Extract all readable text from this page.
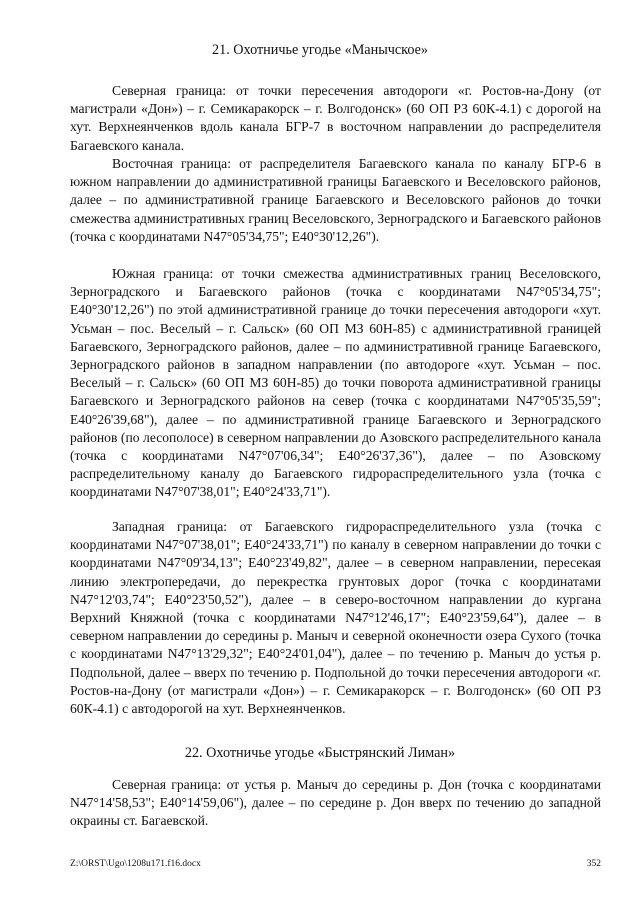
21. Охотничье угодье «Манычское»

Северная граница: от точки пересечения автодороги «г. Ростов-на-Дону (от магистрали «Дон») – г. Семикаракорск – г. Волгодонск» (60 ОП РЗ 60К-4.1) с дорогой на хут. Верхнеянченков вдоль канала БГР-7 в восточном направлении до распределителя Багаевского канала.

Восточная граница: от распределителя Багаевского канала по каналу БГР-6 в южном направлении до административной границы Багаевского и Веселовского районов, далее – по административной границе Багаевского и Веселовского районов до точки смежества административных границ Веселовского, Зерноградского и Багаевского районов (точка с координатами N47°05'34,75"; E40°30'12,26").

Южная граница: от точки смежества административных границ Веселовского, Зерноградского и Багаевского районов (точка с координатами N47°05'34,75"; E40°30'12,26") по этой административной границе до точки пересечения автодороги «хут. Усьман – пос. Веселый – г. Сальск» (60 ОП МЗ 60Н-85) с административной границей Багаевского, Зерноградского районов, далее – по административной границе Багаевского, Зерноградского районов в западном направлении (по автодороге «хут. Усьман – пос. Веселый – г. Сальск» (60 ОП МЗ 60Н-85) до точки поворота административной границы Багаевского и Зерноградского районов на север (точка с координатами N47°05'35,59"; E40°26'39,68"), далее – по административной границе Багаевского и Зерноградского районов (по лесополосе) в северном направлении до Азовского распределительного канала (точка с координатами N47°07'06,34"; E40°26'37,36"), далее – по Азовскому распределительному каналу до Багаевского гидрораспределительного узла (точка с координатами N47°07'38,01"; E40°24'33,71").

Западная граница: от Багаевского гидрораспределительного узла (точка с координатами N47°07'38,01"; E40°24'33,71") по каналу в северном направлении до точки с координатами N47°09'34,13"; E40°23'49,82", далее – в северном направлении, пересекая линию электропередачи, до перекрестка грунтовых дорог (точка с координатами N47°12'03,74"; E40°23'50,52"), далее – в северо-восточном направлении до кургана Верхний Княжной (точка с координатами N47°12'46,17"; E40°23'59,64"), далее – в северном направлении до середины р. Маныч и северной оконечности озера Сухого (точка с координатами N47°13'29,32"; E40°24'01,04"), далее – по течению р. Маныч до устья р. Подпольной, далее – вверх по течению р. Подпольной до точки пересечения автодороги «г. Ростов-на-Дону (от магистрали «Дон») – г. Семикаракорск – г. Волгодонск» (60 ОП РЗ 60К-4.1) с автодорогой на хут. Верхнеянченков.

22. Охотничье угодье «Быстрянский Лиман»

Северная граница: от устья р. Маныч до середины р. Дон (точка с координатами N47°14'58,53"; E40°14'59,06"), далее – по середине р. Дон вверх по течению до западной окраины ст. Багаевской.

Z:\ORST\Ugo\1208u171.f16.docx	352
